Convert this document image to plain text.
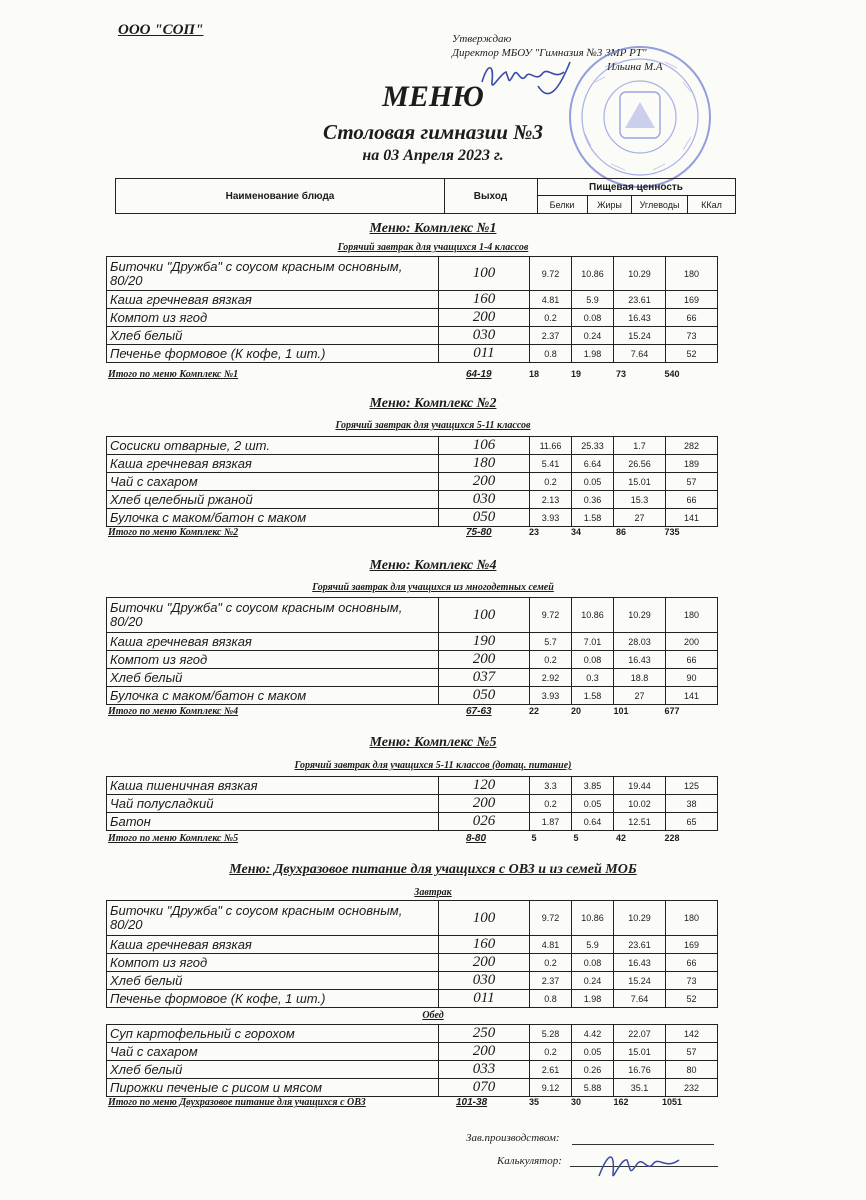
ООО "СОП"
Утверждаю
Директор МБОУ "Гимназия №3 ЗМР РТ"
Ильина М.А
МЕНЮ
Столовая гимназии №3
на 03 Апреля 2023 г.
Наименование блюда	Выход
Пищевая ценность
Белки	Жиры	Углеводы	ККал
Меню: Комплекс №1
Горячий завтрак для учащихся 1-4 классов
Биточки "Дружба" с соусом красным основным, 80/20	100	9.72	10.86	10.29	180
Каша гречневая вязкая	160	4.81	5.9	23.61	169
Компот из ягод	200	0.2	0.08	16.43	66
Хлеб белый	030	2.37	0.24	15.24	73
Печенье формовое (К кофе, 1 шт.)	011	0.8	1.98	7.64	52
Итого по меню Комплекс №1	64-19	18	19	73	540
Меню: Комплекс №2
Горячий завтрак для учащихся 5-11 классов
Сосиски отварные, 2 шт.	106	11.66	25.33	1.7	282
Каша гречневая вязкая	180	5.41	6.64	26.56	189
Чай с сахаром	200	0.2	0.05	15.01	57
Хлеб целебный ржаной	030	2.13	0.36	15.3	66
Булочка с маком/батон с маком	050	3.93	1.58	27	141
Итого по меню Комплекс №2	75-80	23	34	86	735
Меню: Комплекс №4
Горячий завтрак для учащихся из многодетных семей
Биточки "Дружба" с соусом красным основным, 80/20	100	9.72	10.86	10.29	180
Каша гречневая вязкая	190	5.7	7.01	28.03	200
Компот из ягод	200	0.2	0.08	16.43	66
Хлеб белый	037	2.92	0.3	18.8	90
Булочка с маком/батон с маком	050	3.93	1.58	27	141
Итого по меню Комплекс №4	67-63	22	20	101	677
Меню: Комплекс №5
Горячий завтрак для учащихся 5-11 классов (дотац. питание)
Каша пшеничная вязкая	120	3.3	3.85	19.44	125
Чай полусладкий	200	0.2	0.05	10.02	38
Батон	026	1.87	0.64	12.51	65
Итого по меню Комплекс №5	8-80	5	5	42	228
Меню: Двухразовое питание для учащихся с ОВЗ и из семей МОБ
Завтрак
Биточки "Дружба" с соусом красным основным, 80/20	100	9.72	10.86	10.29	180
Каша гречневая вязкая	160	4.81	5.9	23.61	169
Компот из ягод	200	0.2	0.08	16.43	66
Хлеб белый	030	2.37	0.24	15.24	73
Печенье формовое (К кофе, 1 шт.)	011	0.8	1.98	7.64	52
Обед
Суп картофельный с горохом	250	5.28	4.42	22.07	142
Чай с сахаром	200	0.2	0.05	15.01	57
Хлеб белый	033	2.61	0.26	16.76	80
Пирожки печеные с рисом и мясом	070	9.12	5.88	35.1	232
Итого по меню Двухразовое питание для учащихся с ОВЗ	101-38	35	30	162	1051
Зав.производством:
Калькулятор:
